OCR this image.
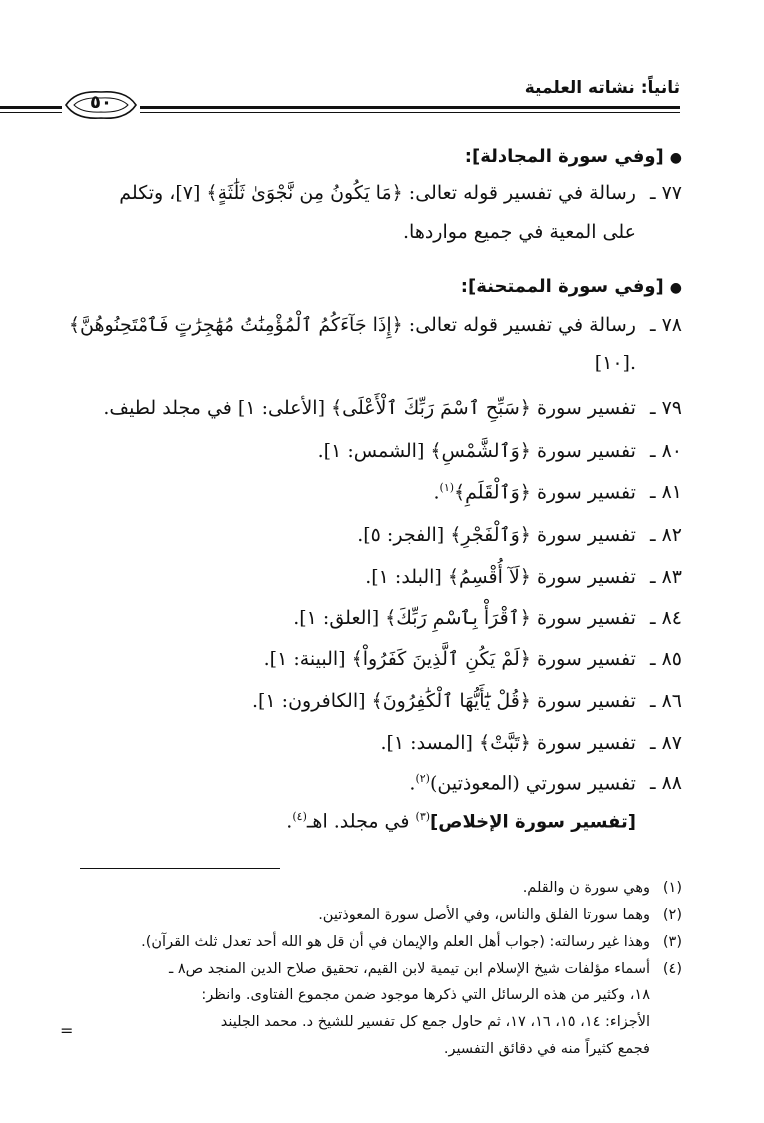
ثانياً: نشاته العلمية
٥٠
●[وفي سورة المجادلة]:
٧٧ ـ رسالة في تفسير قوله تعالى: ﴿مَا يَكُونُ مِن نَّجْوَىٰ ثَلَٰثَةٍ﴾ [٧]، وتكلم
على المعية في جميع مواردها.
●[وفي سورة الممتحنة]:
٧٨ ـ رسالة في تفسير قوله تعالى: ﴿إِذَا جَآءَكُمُ ٱلْمُؤْمِنَٰتُ مُهَٰجِرَٰتٍ فَٱمْتَحِنُوهُنَّ﴾
.[١٠]
٧٩ ـ تفسير سورة ﴿سَبِّحِ ٱسْمَ رَبِّكَ ٱلْأَعْلَى﴾ [الأعلى: ١] في مجلد لطيف.
٨٠ ـ تفسير سورة ﴿وَٱلشَّمْسِ﴾ [الشمس: ١].
٨١ ـ تفسير سورة ﴿وَٱلْقَلَمِ﴾$^{(١)}$.
٨٢ ـ تفسير سورة ﴿وَٱلْفَجْرِ﴾ [الفجر: ٥].
٨٣ ـ تفسير سورة ﴿لَآ أُقْسِمُ﴾ [البلد: ١].
٨٤ ـ تفسير سورة ﴿ٱقْرَأْ بِٱسْمِ رَبِّكَ﴾ [العلق: ١].
٨٥ ـ تفسير سورة ﴿لَمْ يَكُنِ ٱلَّذِينَ كَفَرُواْ﴾ [البينة: ١].
٨٦ ـ تفسير سورة ﴿قُلْ يَٰٓأَيُّهَا ٱلْكَٰفِرُونَ﴾ [الكافرون: ١].
٨٧ ـ تفسير سورة ﴿تَبَّتْ﴾ [المسد: ١].
٨٨ ـ تفسير سورتي (المعوذتين)$^{(٢)}$.
[تفسير سورة الإخلاص]$^{(٣)}$ في مجلد. اهـ$^{(٤)}$.
(١)وهي سورة ن والقلم.
(٢)وهما سورتا الفلق والناس، وفي الأصل سورة المعوذتين.
(٣)وهذا غير رسالته: (جواب أهل العلم والإيمان في أن قل هو الله أحد تعدل ثلث القرآن).
(٤)أسماء مؤلفات شيخ الإسلام ابن تيمية لابن القيم، تحقيق صلاح الدين المنجد ص٨ ـ
١٨، وكثير من هذه الرسائل التي ذكرها موجود ضمن مجموع الفتاوى. وانظر:
الأجزاء: ١٤، ١٥، ١٦، ١٧، ثم حاول جمع كل تفسير للشيخ د. محمد الجليند
فجمع كثيراً منه في دقائق التفسير.
=
